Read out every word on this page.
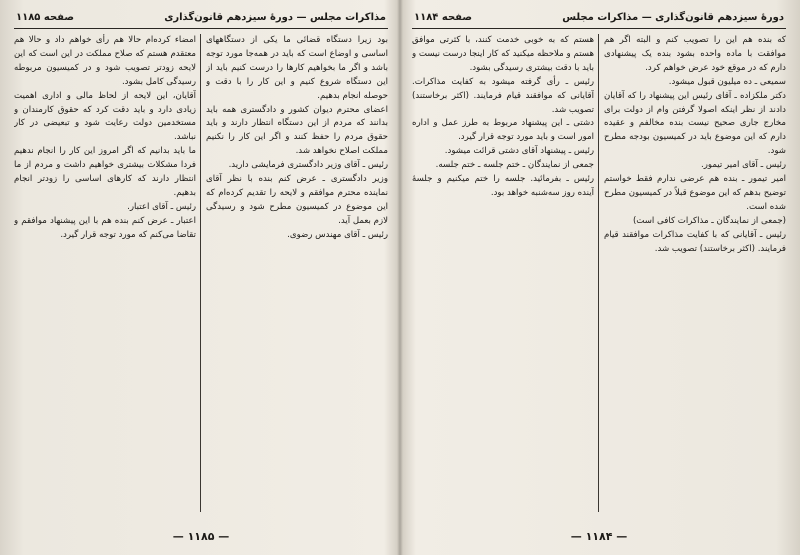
مذاکرات مجلس — دورهٔ سیزدهم قانون‌گذاری
صفحه ۱۱۸۵

بود زیرا دستگاه قضائی ما یکی از دستگاههای اساسی و اوضاع است که باید در همه‌جا مورد توجه باشد و اگر ما بخواهیم کارها را درست کنیم باید از این دستگاه شروع کنیم و این کار را با دقت و حوصله انجام بدهیم.

اعضای محترم دیوان کشور و دادگستری همه باید بدانند که مردم از این دستگاه انتظار دارند و باید حقوق مردم را حفظ کنند و اگر این کار را نکنیم مملکت اصلاح نخواهد شد.

رئیس ـ آقای وزیر دادگستری فرمایشی دارید.

وزیر دادگستری ـ عرض کنم بنده با نظر آقای نماینده محترم موافقم و لایحه را تقدیم کرده‌ام که این موضوع در کمیسیون مطرح شود و رسیدگی لازم بعمل آید.

رئیس ـ آقای مهندس رضوی.

امضاء کرده‌ام حالا هم رأی خواهم داد و حالا هم معتقدم هستم که صلاح مملکت در این است که این لایحه زودتر تصویب شود و در کمیسیون مربوطه رسیدگی کامل بشود.

آقایان، این لایحه از لحاظ مالی و اداری اهمیت زیادی دارد و باید دقت کرد که حقوق کارمندان و مستخدمین دولت رعایت شود و تبعیضی در کار نباشد.

ما باید بدانیم که اگر امروز این کار را انجام ندهیم فردا مشکلات بیشتری خواهیم داشت و مردم از ما انتظار دارند که کارهای اساسی را زودتر انجام بدهیم.

رئیس ـ آقای اعتبار.

اعتبار ـ عرض کنم بنده هم با این پیشنهاد موافقم و تقاضا می‌کنم که مورد توجه قرار گیرد.

— ۱۱۸۵ —
دورهٔ سیزدهم قانون‌گذاری — مذاکرات مجلس
صفحه ۱۱۸۴

که بنده هم این را تصویب کنم و البته اگر هم موافقت با ماده واحده بشود بنده یک پیشنهادی دارم که در موقع خود عرض خواهم کرد.

سمیعی ـ ده میلیون قبول میشود.

دکتر ملکزاده ـ آقای رئیس این پیشنهاد را که آقایان دادند از نظر اینکه اصولا گرفتن وام از دولت برای مخارج جاری صحیح نیست بنده مخالفم و عقیده دارم که این موضوع باید در کمیسیون بودجه مطرح شود.

رئیس ـ آقای امیر تیمور.

امیر تیمور ـ بنده هم عرضی ندارم فقط خواستم توضیح بدهم که این موضوع قبلاً در کمیسیون مطرح شده است.

(جمعی از نمایندگان ـ مذاکرات کافی است)

رئیس ـ آقایانی که با کفایت مذاکرات موافقند قیام فرمایند. (اکثر برخاستند) تصویب شد.

هستم که به خوبی خدمت کنند، با کثرتی موافق هستم و ملاحظه میکنید که کار اینجا درست نیست و باید با دقت بیشتری رسیدگی بشود.

رئیس ـ رأی گرفته میشود به کفایت مذاکرات. آقایانی که موافقند قیام فرمایند. (اکثر برخاستند) تصویب شد.

دشتی ـ این پیشنهاد مربوط به طرز عمل و اداره امور است و باید مورد توجه قرار گیرد.

رئیس ـ پیشنهاد آقای دشتی قرائت میشود.

جمعی از نمایندگان ـ ختم جلسه ـ ختم جلسه.

رئیس ـ بفرمائید. جلسه را ختم میکنیم و جلسهٔ آینده روز سه‌شنبه خواهد بود.

— ۱۱۸۴ —
